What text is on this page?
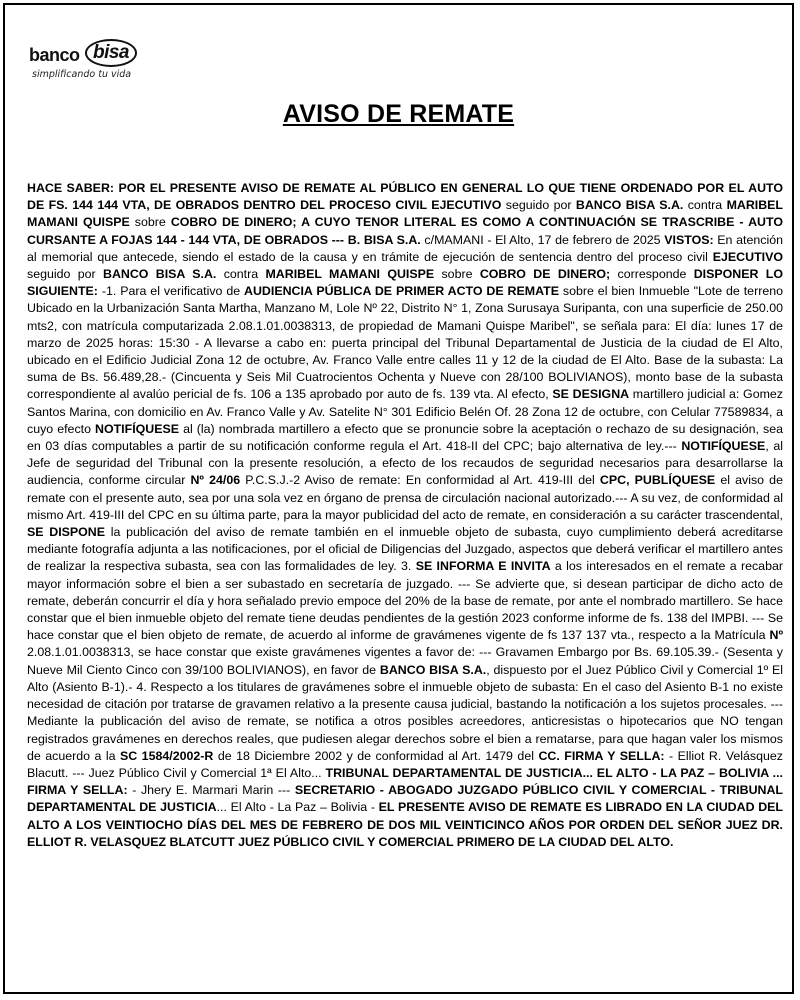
banco bisa
simplificando tu vida
AVISO DE REMATE
HACE SABER: POR EL PRESENTE AVISO DE REMATE AL PÚBLICO EN GENERAL LO QUE TIENE ORDENADO POR EL AUTO DE FS. 144 144 VTA, DE OBRADOS DENTRO DEL PROCESO CIVIL EJECUTIVO seguido por BANCO BISA S.A. contra MARIBEL MAMANI QUISPE sobre COBRO DE DINERO; A CUYO TENOR LITERAL ES COMO A CONTINUACIÓN SE TRASCRIBE - AUTO CURSANTE A FOJAS 144 - 144 VTA, DE OBRADOS --- B. BISA S.A. c/MAMANI - El Alto, 17 de febrero de 2025 VISTOS: En atención al memorial que antecede, siendo el estado de la causa y en trámite de ejecución de sentencia dentro del proceso civil EJECUTIVO seguido por BANCO BISA S.A. contra MARIBEL MAMANI QUISPE sobre COBRO DE DINERO; corresponde DISPONER LO SIGUIENTE: -1. Para el verificativo de AUDIENCIA PÚBLICA DE PRIMER ACTO DE REMATE sobre el bien Inmueble "Lote de terreno Ubicado en la Urbanización Santa Martha, Manzano M, Lole Nº 22, Distrito N° 1, Zona Surusaya Suripanta, con una superficie de 250.00 mts2, con matrícula computarizada 2.08.1.01.0038313, de propiedad de Mamani Quispe Maribel", se señala para: El día: lunes 17 de marzo de 2025 horas: 15:30 - A llevarse a cabo en: puerta principal del Tribunal Departamental de Justicia de la ciudad de El Alto, ubicado en el Edificio Judicial Zona 12 de octubre, Av. Franco Valle entre calles 11 y 12 de la ciudad de El Alto. Base de la subasta: La suma de Bs. 56.489,28.- (Cincuenta y Seis Mil Cuatrocientos Ochenta y Nueve con 28/100 BOLIVIANOS), monto base de la subasta correspondiente al avalúo pericial de fs. 106 a 135 aprobado por auto de fs. 139 vta. Al efecto, SE DESIGNA martillero judicial a: Gomez Santos Marina, con domicilio en Av. Franco Valle y Av. Satelite N° 301 Edificio Belén Of. 28 Zona 12 de octubre, con Celular 77589834, a cuyo efecto NOTIFÍQUESE al (la) nombrada martillero a efecto que se pronuncie sobre la aceptación o rechazo de su designación, sea en 03 días computables a partir de su notificación conforme regula el Art. 418-II del CPC; bajo alternativa de ley.--- NOTIFÍQUESE, al Jefe de seguridad del Tribunal con la presente resolución, a efecto de los recaudos de seguridad necesarios para desarrollarse la audiencia, conforme circular Nº 24/06 P.C.S.J.-2 Aviso de remate: En conformidad al Art. 419-III del CPC, PUBLÍQUESE el aviso de remate con el presente auto, sea por una sola vez en órgano de prensa de circulación nacional autorizado.--- A su vez, de conformidad al mismo Art. 419-III del CPC en su última parte, para la mayor publicidad del acto de remate, en consideración a su carácter trascendental, SE DISPONE la publicación del aviso de remate también en el inmueble objeto de subasta, cuyo cumplimiento deberá acreditarse mediante fotografía adjunta a las notificaciones, por el oficial de Diligencias del Juzgado, aspectos que deberá verificar el martillero antes de realizar la respectiva subasta, sea con las formalidades de ley. 3. SE INFORMA E INVITA a los interesados en el remate a recabar mayor información sobre el bien a ser subastado en secretaría de juzgado. --- Se advierte que, si desean participar de dicho acto de remate, deberán concurrir el día y hora señalado previo empoce del 20% de la base de remate, por ante el nombrado martillero. Se hace constar que el bien inmueble objeto del remate tiene deudas pendientes de la gestión 2023 conforme informe de fs. 138 del IMPBI. --- Se hace constar que el bien objeto de remate, de acuerdo al informe de gravámenes vigente de fs 137 137 vta., respecto a la Matrícula Nº 2.08.1.01.0038313, se hace constar que existe gravámenes vigentes a favor de: --- Gravamen Embargo por Bs. 69.105.39.- (Sesenta y Nueve Mil Ciento Cinco con 39/100 BOLIVIANOS), en favor de BANCO BISA S.A., dispuesto por el Juez Público Civil y Comercial 1º El Alto (Asiento B-1).- 4. Respecto a los titulares de gravámenes sobre el inmueble objeto de subasta: En el caso del Asiento B-1 no existe necesidad de citación por tratarse de gravamen relativo a la presente causa judicial, bastando la notificación a los sujetos procesales. --- Mediante la publicación del aviso de remate, se notifica a otros posibles acreedores, anticresistas o hipotecarios que NO tengan registrados gravámenes en derechos reales, que pudiesen alegar derechos sobre el bien a rematarse, para que hagan valer los mismos de acuerdo a la SC 1584/2002-R de 18 Diciembre 2002 y de conformidad al Art. 1479 del CC. FIRMA Y SELLA: - Elliot R. Velásquez Blacutt. --- Juez Público Civil y Comercial 1ª El Alto... TRIBUNAL DEPARTAMENTAL DE JUSTICIA... EL ALTO - LA PAZ – BOLIVIA ... FIRMA Y SELLA: - Jhery E. Marmari Marin --- SECRETARIO - ABOGADO JUZGADO PÚBLICO CIVIL Y COMERCIAL - TRIBUNAL DEPARTAMENTAL DE JUSTICIA... El Alto - La Paz – Bolivia - EL PRESENTE AVISO DE REMATE ES LIBRADO EN LA CIUDAD DEL ALTO A LOS VEINTIOCHO DÍAS DEL MES DE FEBRERO DE DOS MIL VEINTICINCO AÑOS POR ORDEN DEL SEÑOR JUEZ DR. ELLIOT R. VELASQUEZ BLATCUTT JUEZ PÚBLICO CIVIL Y COMERCIAL PRIMERO DE LA CIUDAD DEL ALTO.
